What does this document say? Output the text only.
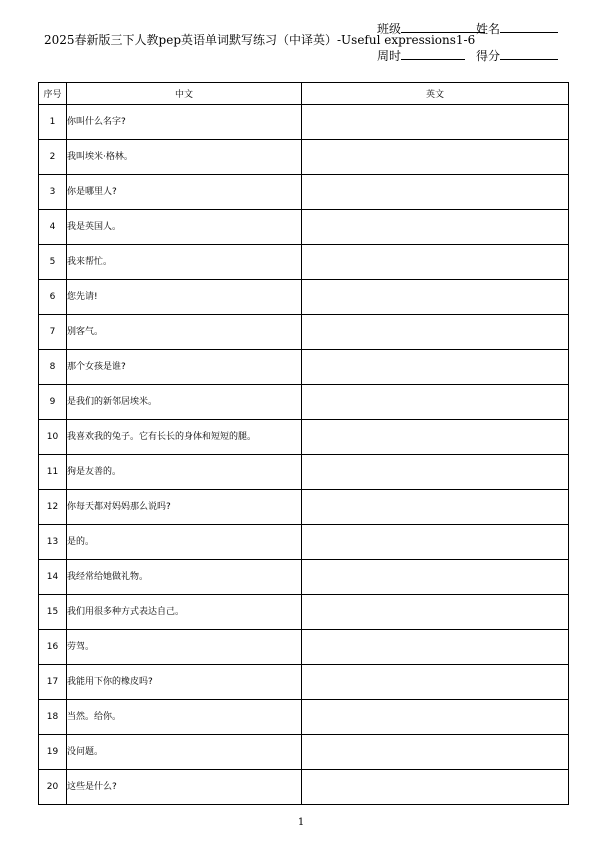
班级	姓名
2025春新版三下人教pep英语单词默写练习（中译英）-Useful expressions1-6
周时	得分
序号	中文	英文
1	你叫什么名字?	
2	我叫埃米·格林。	
3	你是哪里人?	
4	我是英国人。	
5	我来帮忙。	
6	您先请!	
7	别客气。	
8	那个女孩是谁?	
9	是我们的新邻居埃米。	
10	我喜欢我的兔子。它有长长的身体和短短的腿。	
11	狗是友善的。	
12	你每天都对妈妈那么说吗?	
13	是的。	
14	我经常给她做礼物。	
15	我们用很多种方式表达自己。	
16	劳驾。	
17	我能用下你的橡皮吗?	
18	当然。给你。	
19	没问题。	
20	这些是什么?	
1
